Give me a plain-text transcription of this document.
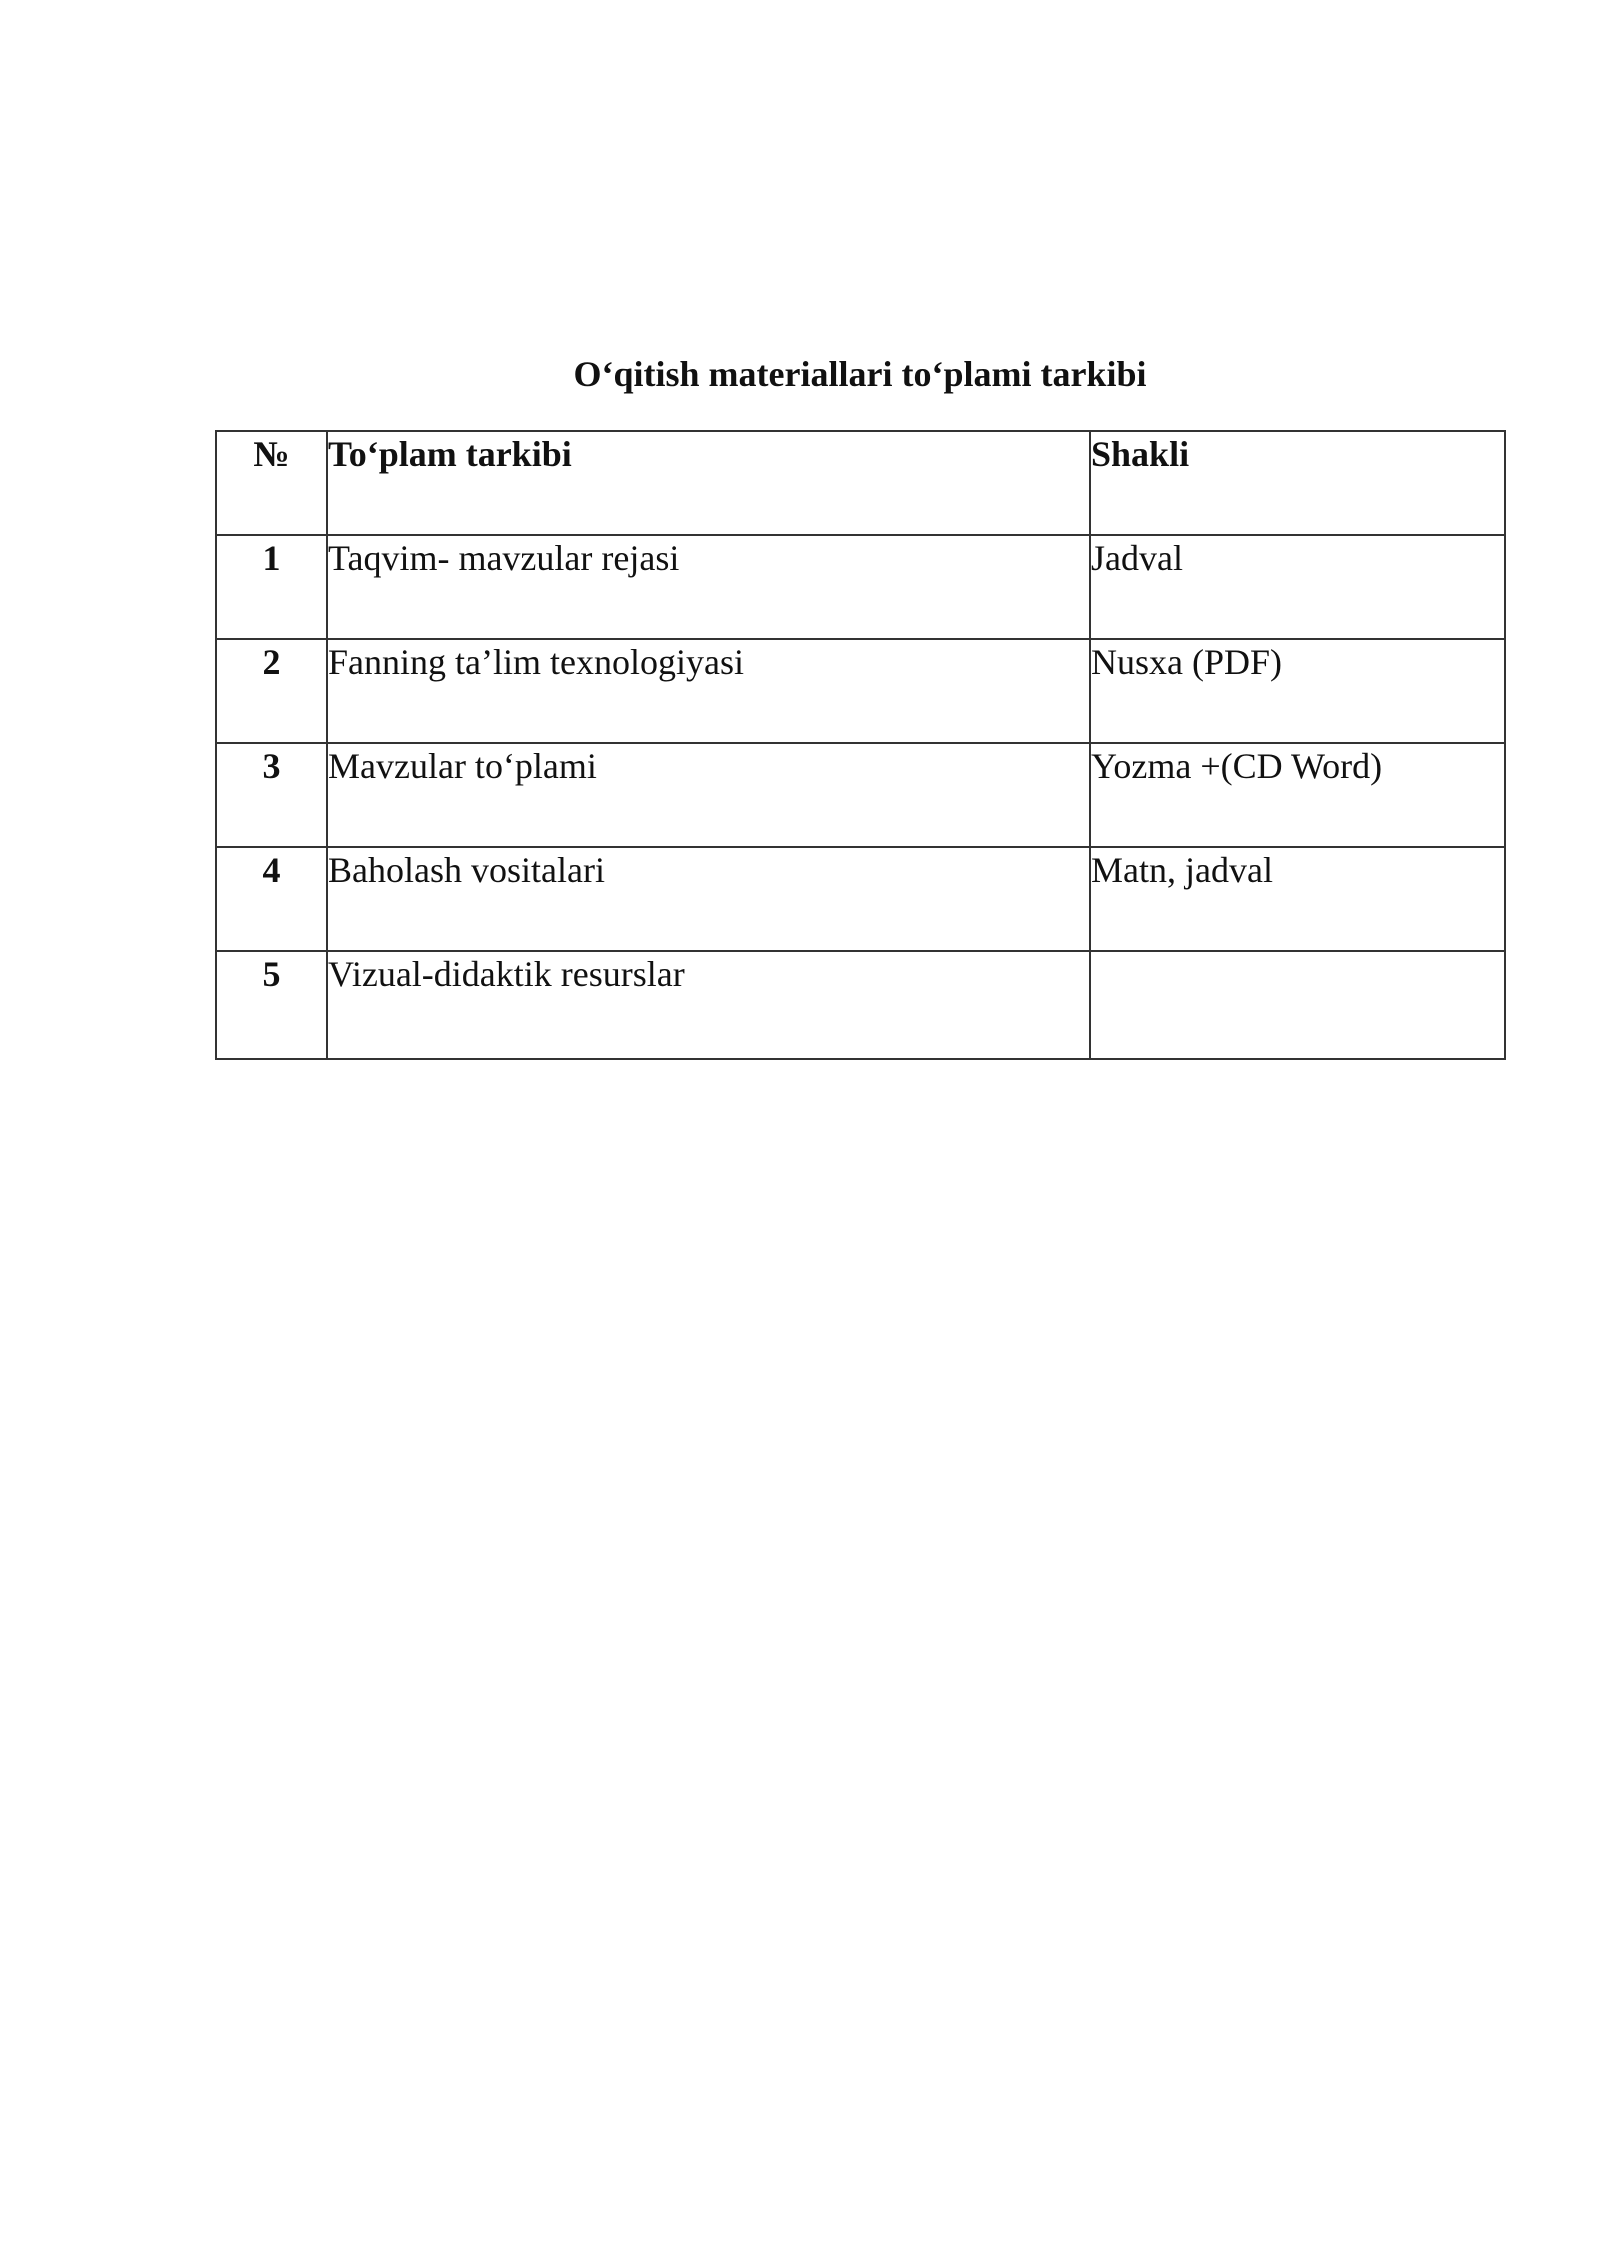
O‘qitish materiallari to‘plami tarkibi
№	To‘plam tarkibi	Shakli
1	Taqvim- mavzular rejasi	Jadval
2	Fanning ta’lim texnologiyasi	Nusxa (PDF)
3	Mavzular to‘plami	Yozma +(CD Word)
4	Baholash vositalari	Matn, jadval
5	Vizual-didaktik resurslar	
